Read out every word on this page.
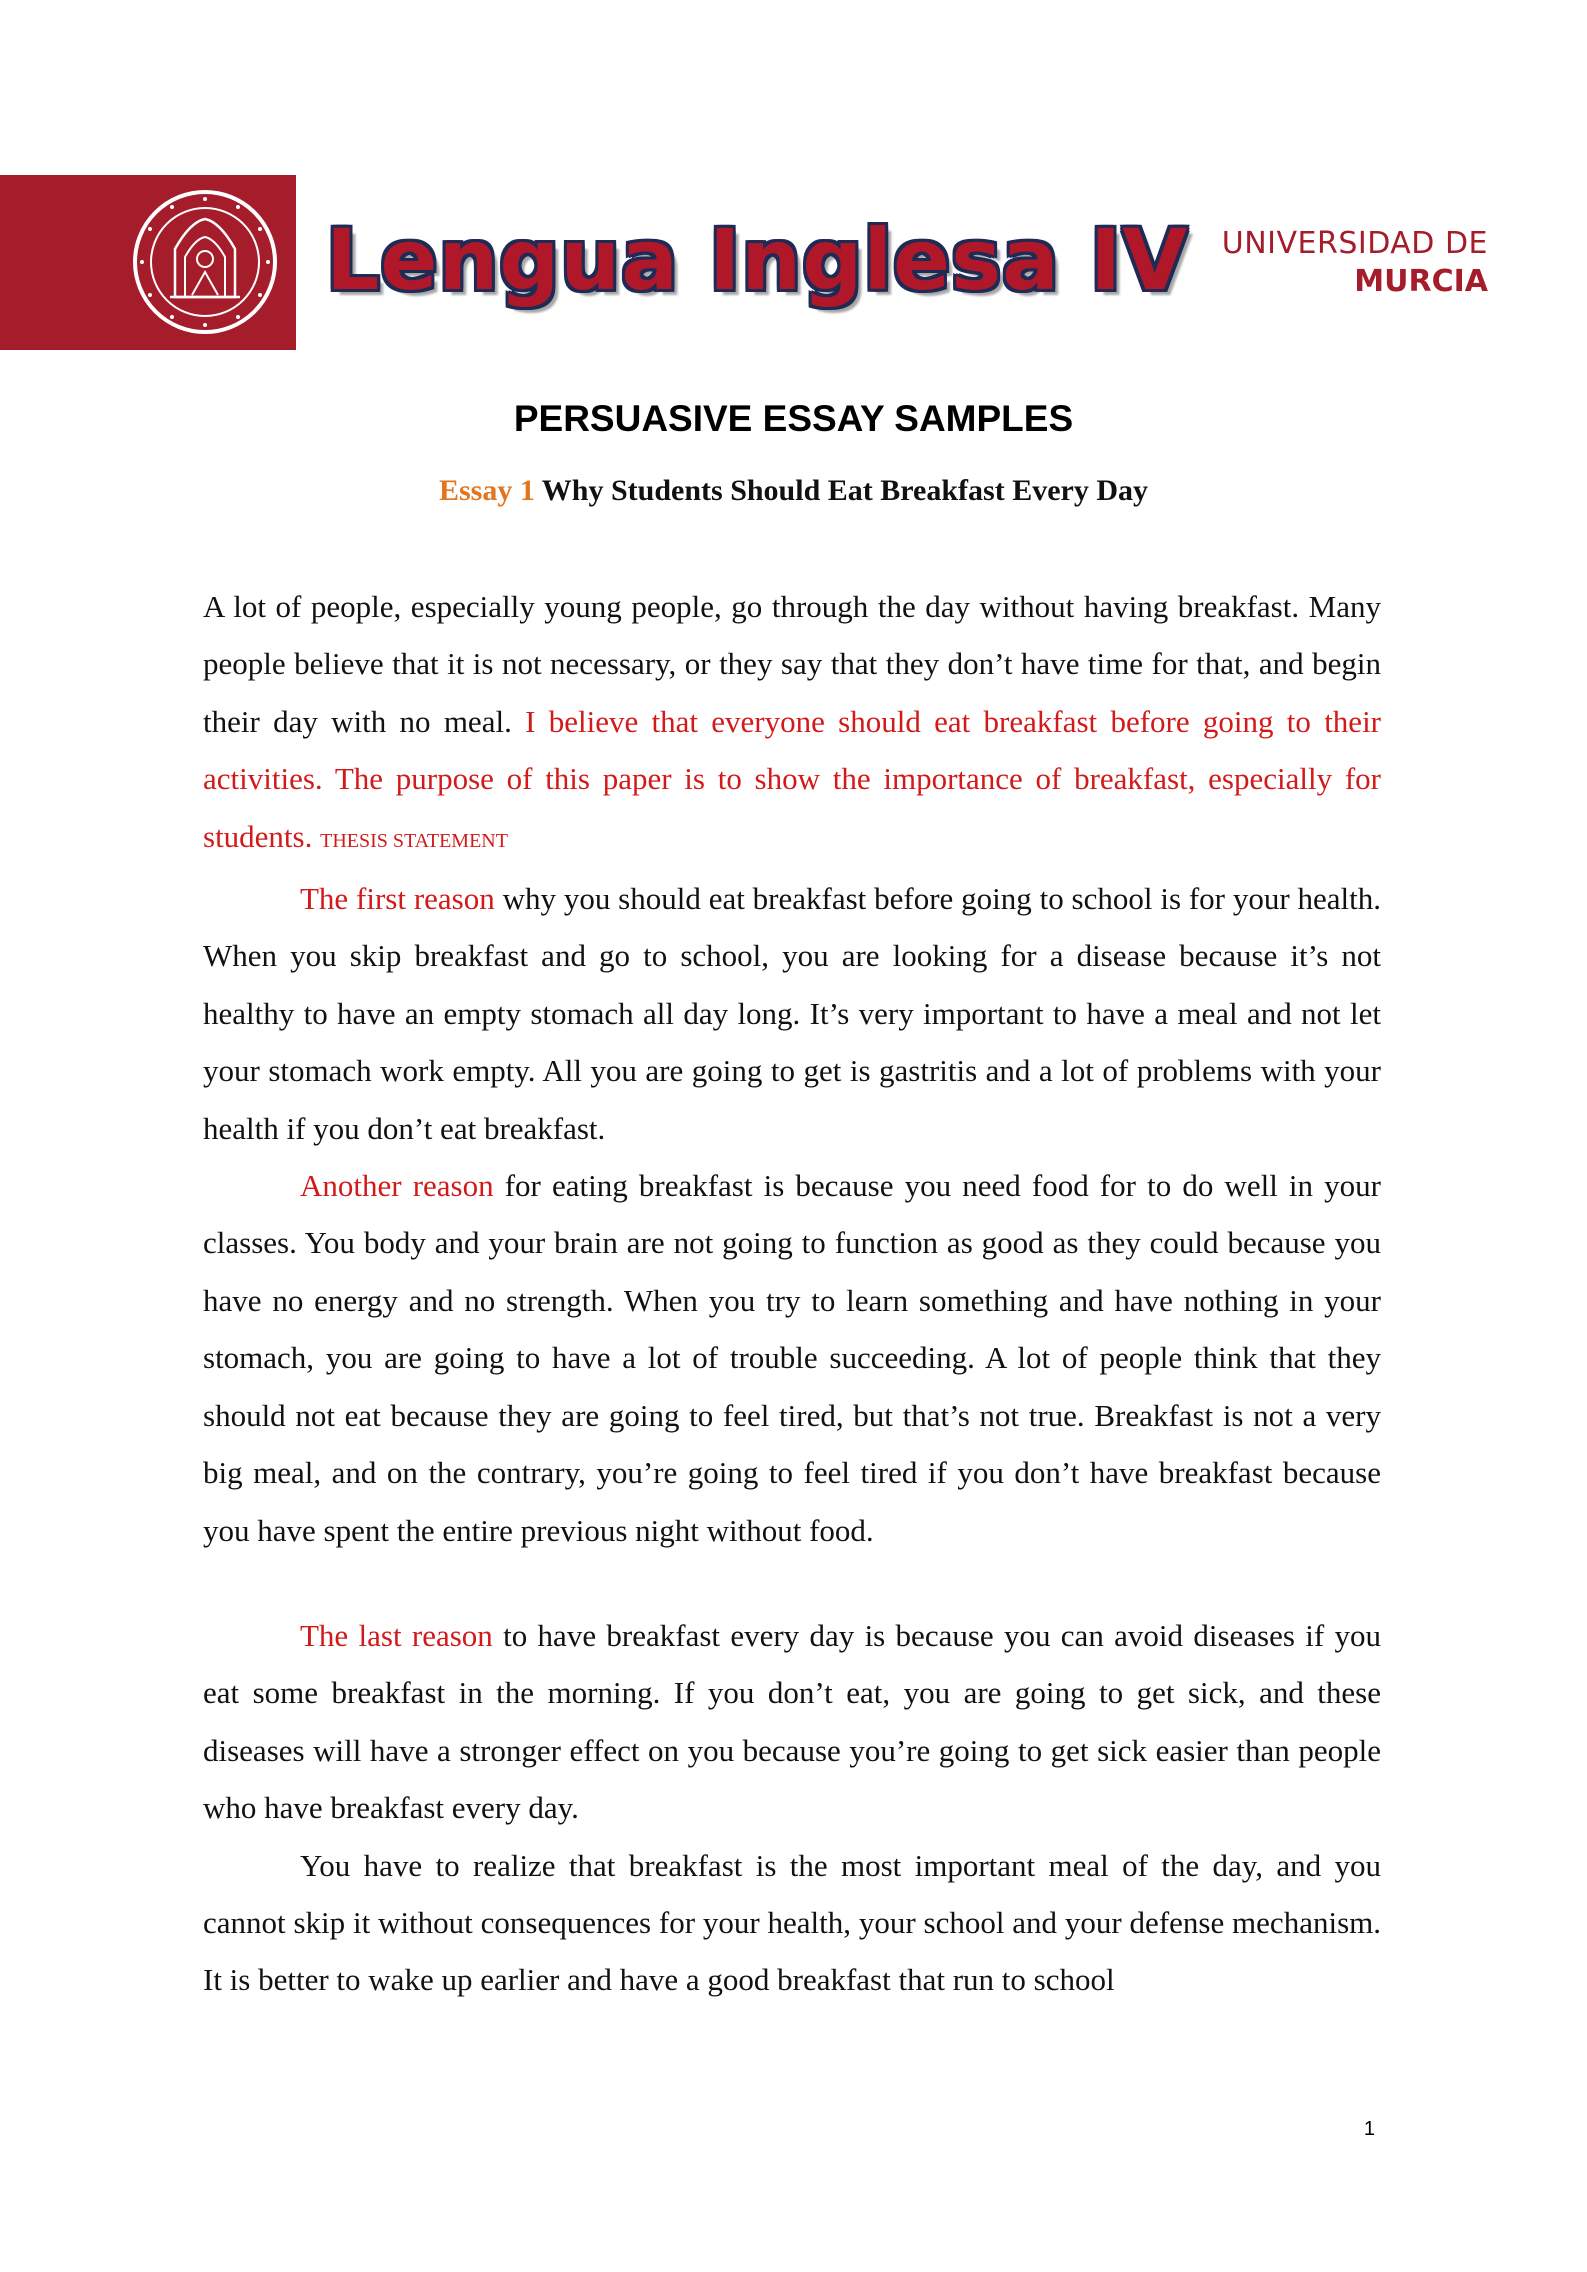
Lengua Inglesa IV UNIVERSIDAD DE
MURCIA
PERSUASIVE ESSAY SAMPLES
Essay 1 Why Students Should Eat Breakfast Every Day

A lot of people, especially young people, go through the day without having breakfast. Many people believe that it is not necessary, or they say that they don’t have time for that, and begin their day with no meal. I believe that everyone should eat breakfast before going to their activities. The purpose of this paper is to show the importance of breakfast, especially for students. THESIS STATEMENT

The first reason why you should eat breakfast before going to school is for your health. When you skip breakfast and go to school, you are looking for a disease because it’s not healthy to have an empty stomach all day long. It’s very important to have a meal and not let your stomach work empty. All you are going to get is gastritis and a lot of problems with your health if you don’t eat breakfast.

Another reason for eating breakfast is because you need food for to do well in your classes. You body and your brain are not going to function as good as they could because you have no energy and no strength. When you try to learn something and have nothing in your stomach, you are going to have a lot of trouble succeeding. A lot of people think that they should not eat because they are going to feel tired, but that’s not true. Breakfast is not a very big meal, and on the contrary, you’re going to feel tired if you don’t have breakfast because you have spent the entire previous night without food.

The last reason to have breakfast every day is because you can avoid diseases if you eat some breakfast in the morning. If you don’t eat, you are going to get sick, and these diseases will have a stronger effect on you because you’re going to get sick easier than people who have breakfast every day.

You have to realize that breakfast is the most important meal of the day, and you cannot skip it without consequences for your health, your school and your defense mechanism. It is better to wake up earlier and have a good breakfast that run to school

1
